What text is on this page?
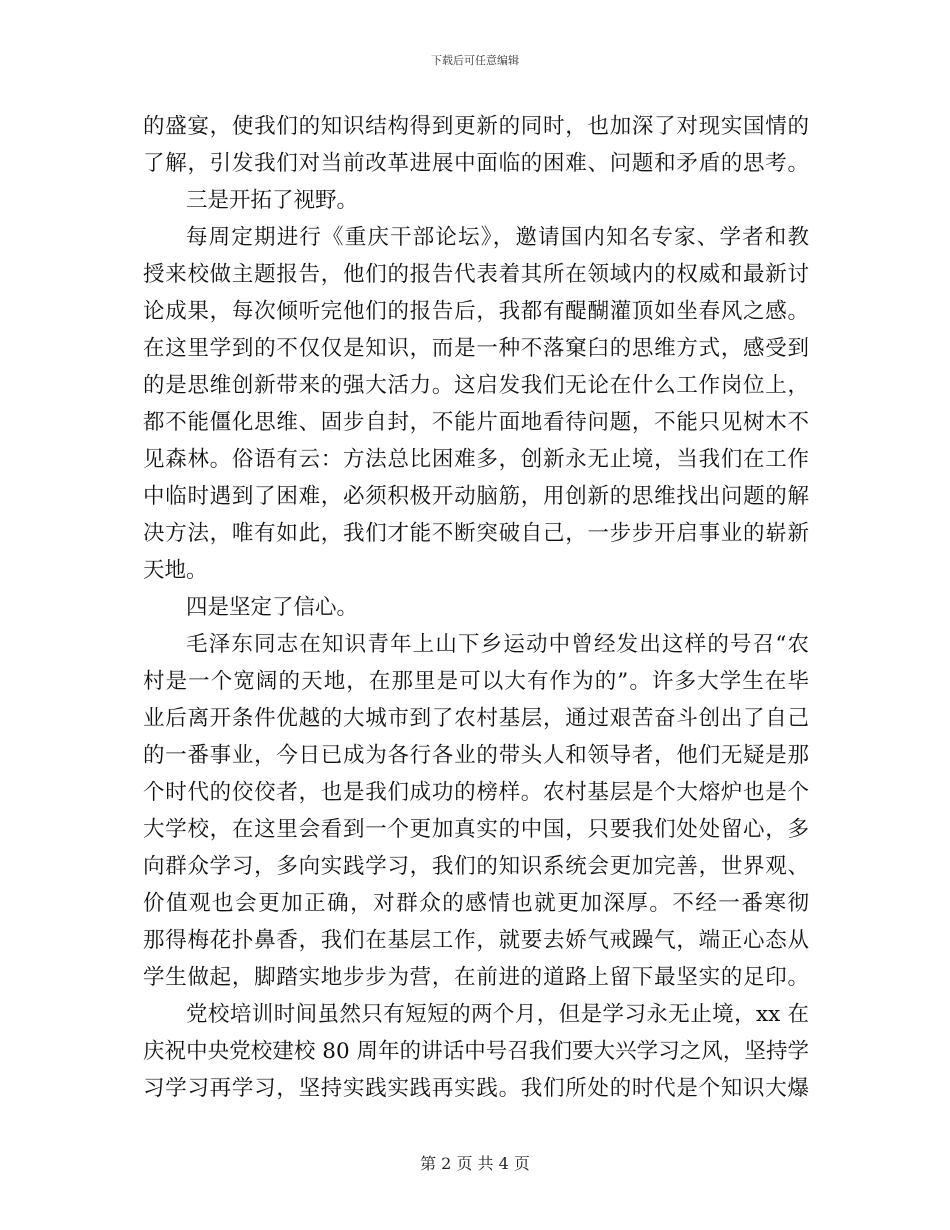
下载后可任意编辑
的盛宴，使我们的知识结构得到更新的同时，也加深了对现实国情的
了解，引发我们对当前改革进展中面临的困难、问题和矛盾的思考。
三是开拓了视野。
每周定期进行《重庆干部论坛》，邀请国内知名专家、学者和教
授来校做主题报告，他们的报告代表着其所在领域内的权威和最新讨
论成果，每次倾听完他们的报告后，我都有醍醐灌顶如坐春风之感。
在这里学到的不仅仅是知识，而是一种不落窠臼的思维方式，感受到
的是思维创新带来的强大活力。这启发我们无论在什么工作岗位上，
都不能僵化思维、固步自封，不能片面地看待问题，不能只见树木不
见森林。俗语有云：方法总比困难多，创新永无止境，当我们在工作
中临时遇到了困难，必须积极开动脑筋，用创新的思维找出问题的解
决方法，唯有如此，我们才能不断突破自己，一步步开启事业的崭新
天地。
四是坚定了信心。
毛泽东同志在知识青年上山下乡运动中曾经发出这样的号召“农
村是一个宽阔的天地，在那里是可以大有作为的”。许多大学生在毕
业后离开条件优越的大城市到了农村基层，通过艰苦奋斗创出了自己
的一番事业，今日已成为各行各业的带头人和领导者，他们无疑是那
个时代的佼佼者，也是我们成功的榜样。农村基层是个大熔炉也是个
大学校，在这里会看到一个更加真实的中国，只要我们处处留心，多
向群众学习，多向实践学习，我们的知识系统会更加完善，世界观、
价值观也会更加正确，对群众的感情也就更加深厚。不经一番寒彻
那得梅花扑鼻香，我们在基层工作，就要去娇气戒躁气，端正心态从
学生做起，脚踏实地步步为营，在前进的道路上留下最坚实的足印。
党校培训时间虽然只有短短的两个月，但是学习永无止境，xx 在
庆祝中央党校建校 80 周年的讲话中号召我们要大兴学习之风，坚持学
习学习再学习，坚持实践实践再实践。我们所处的时代是个知识大爆
第 2 页 共 4 页
